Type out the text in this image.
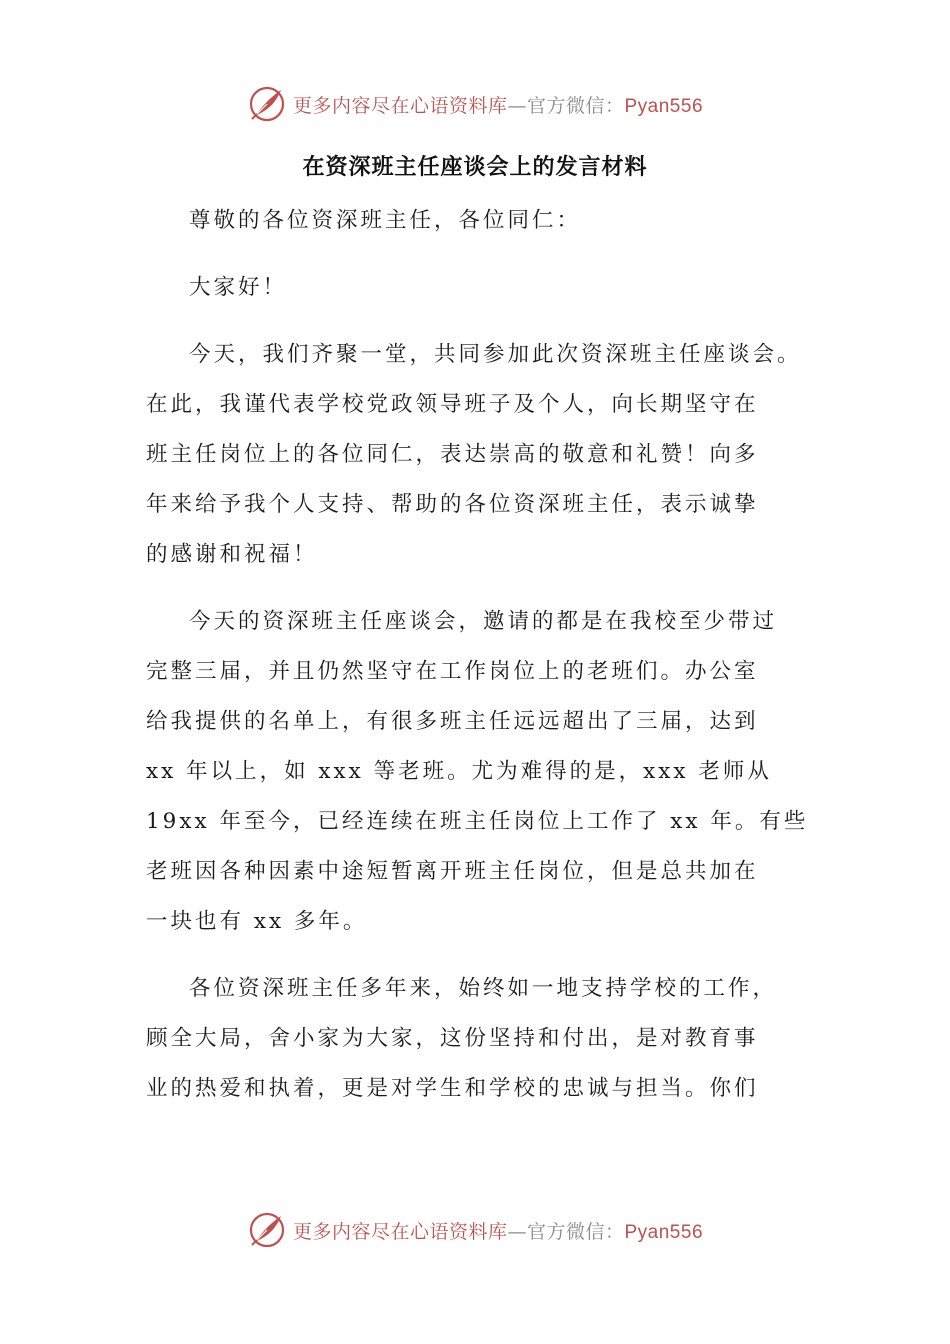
更多内容尽在心语资料库—官方微信：Pyan556
在资深班主任座谈会上的发言材料

尊敬的各位资深班主任，各位同仁：

大家好！

今天，我们齐聚一堂，共同参加此次资深班主任座谈会。
在此，我谨代表学校党政领导班子及个人，向长期坚守在
班主任岗位上的各位同仁，表达崇高的敬意和礼赞！向多
年来给予我个人支持、帮助的各位资深班主任，表示诚挚
的感谢和祝福！

今天的资深班主任座谈会，邀请的都是在我校至少带过
完整三届，并且仍然坚守在工作岗位上的老班们。办公室
给我提供的名单上，有很多班主任远远超出了三届，达到
xx 年以上，如 xxx 等老班。尤为难得的是，xxx 老师从
19xx 年至今，已经连续在班主任岗位上工作了 xx 年。有些
老班因各种因素中途短暂离开班主任岗位，但是总共加在
一块也有 xx 多年。

各位资深班主任多年来，始终如一地支持学校的工作，
顾全大局，舍小家为大家，这份坚持和付出，是对教育事
业的热爱和执着，更是对学生和学校的忠诚与担当。你们

更多内容尽在心语资料库—官方微信：Pyan556
